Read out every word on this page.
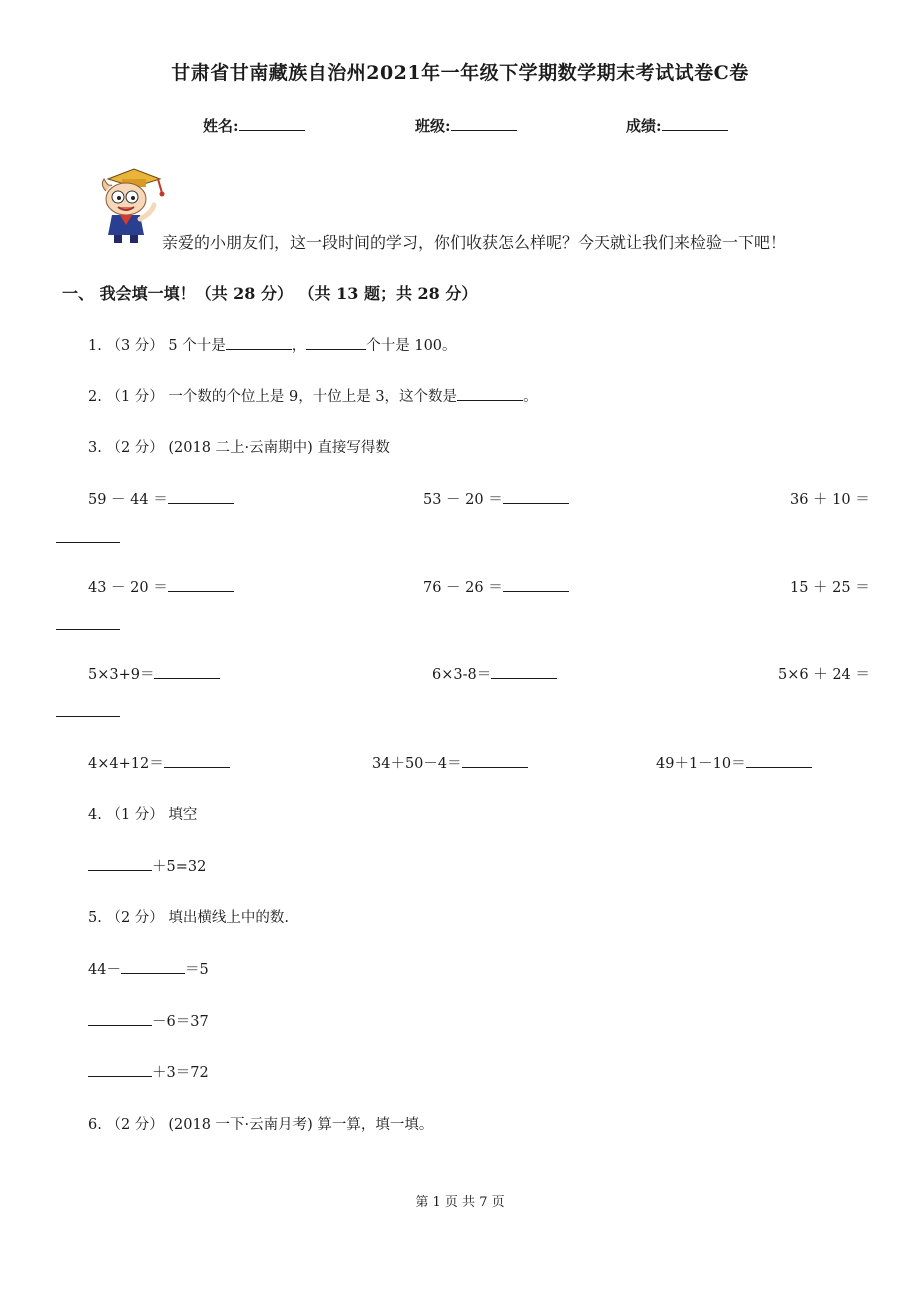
甘肃省甘南藏族自治州2021年一年级下学期数学期末考试试卷C卷
姓名:	班级:	成绩:
亲爱的小朋友们，这一段时间的学习，你们收获怎么样呢？今天就让我们来检验一下吧！
一、 我会填一填！（共 28 分） （共 13 题；共 28 分）
1. （3 分） 5 个十是	，	个十是 100。
2. （1 分） 一个数的个位上是 9，十位上是 3，这个数是	。
3. （2 分） (2018 二上·云南期中) 直接写得数
59 － 44 ＝	53 － 20 ＝	36 ＋ 10 ＝
43 － 20 ＝	76 － 26 ＝	15 ＋ 25 ＝
5×3+9＝	6×3-8＝	5×6 ＋ 24 ＝
4×4+12＝	34＋50－4＝	49＋1－10＝
4. （1 分） 填空
＋5=32
5. （2 分） 填出横线上中的数.
44－	＝5
－6＝37
＋3＝72
6. （2 分） (2018 一下·云南月考) 算一算，填一填。
第 1 页 共 7 页
